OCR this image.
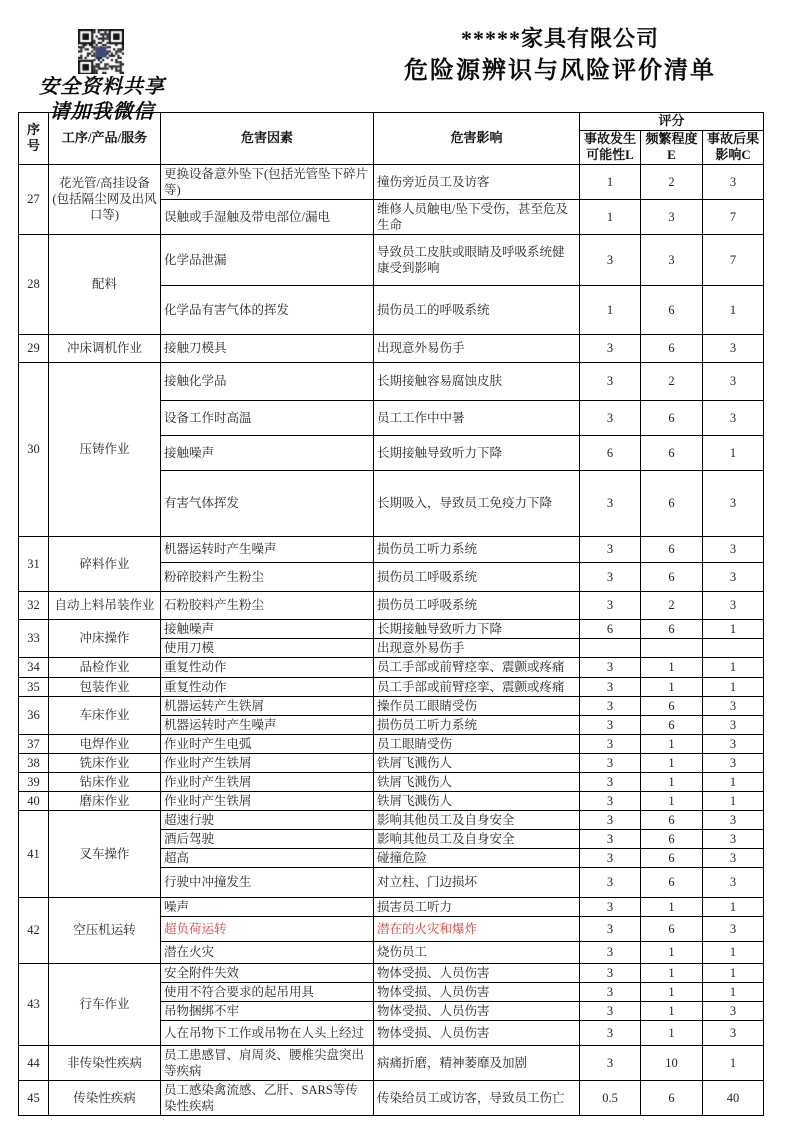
安全资料共享
请加我微信
*****家具有限公司
危险源辨识与风险评价清单
序号	工序/产品/服务	危害因素	危害影响	评分		
				事故发生可能性L	频繁程度E	事故后果影响C
27	花光管/高挂设备(包括隔尘网及出风口等)	更换设备意外坠下(包括光管坠下碎片等)	撞伤旁近员工及访客	1	2	3
		误触或手湿触及带电部位/漏电	维修人员触电/坠下受伤，甚至危及生命	1	3	7
28	配料	化学品泄漏	导致员工皮肤或眼睛及呼吸系统健康受到影响	3	3	7
		化学品有害气体的挥发	损伤员工的呼吸系统	1	6	1
29	冲床调机作业	接触刀模具	出现意外易伤手	3	6	3
30	压铸作业	接触化学品	长期接触容易腐蚀皮肤	3	2	3
		设备工作时高温	员工工作中中暑	3	6	3
		接触噪声	长期接触导致听力下降	6	6	1
		有害气体挥发	长期吸入，导致员工免疫力下降	3	6	3
31	碎料作业	机器运转时产生噪声	损伤员工听力系统	3	6	3
		粉碎胶料产生粉尘	损伤员工呼吸系统	3	6	3
32	自动上料吊装作业	石粉胶料产生粉尘	损伤员工呼吸系统	3	2	3
33	冲床操作	接触噪声	长期接触导致听力下降	6	6	1
		使用刀模	出现意外易伤手			
34	品检作业	重复性动作	员工手部或前臂痉挛、震颤或疼痛	3	1	1
35	包装作业	重复性动作	员工手部或前臂痉挛、震颤或疼痛	3	1	1
36	车床作业	机器运转产生铁屑	操作员工眼睛受伤	3	6	3
		机器运转时产生噪声	损伤员工听力系统	3	6	3
37	电焊作业	作业时产生电弧	员工眼睛受伤	3	1	3
38	铣床作业	作业时产生铁屑	铁屑飞溅伤人	3	1	3
39	钻床作业	作业时产生铁屑	铁屑飞溅伤人	3	1	1
40	磨床作业	作业时产生铁屑	铁屑飞溅伤人	3	1	1
41	叉车操作	超速行驶	影响其他员工及自身安全	3	6	3
		酒后驾驶	影响其他员工及自身安全	3	6	3
		超高	碰撞危险	3	6	3
		行驶中冲撞发生	对立柱、门边损坏	3	6	3
42	空压机运转	噪声	损害员工听力	3	1	1
		超负荷运转	潜在的火灾和爆炸	3	6	3
		潜在火灾	烧伤员工	3	1	1
43	行车作业	安全附件失效	物体受损、人员伤害	3	1	1
		使用不符合要求的起吊用具	物体受损、人员伤害	3	1	1
		吊物捆绑不牢	物体受损、人员伤害	3	1	3
		人在吊物下工作或吊物在人头上经过	物体受损、人员伤害	3	1	3
44	非传染性疾病	员工患感冒、肩周炎、腰椎尖盘突出等疾病	病痛折磨，精神萎靡及加剧	3	10	1
45	传染性疾病	员工感染禽流感、乙肝、SARS等传染性疾病	传染给员工或访客，导致员工伤亡	0.5	6	40
